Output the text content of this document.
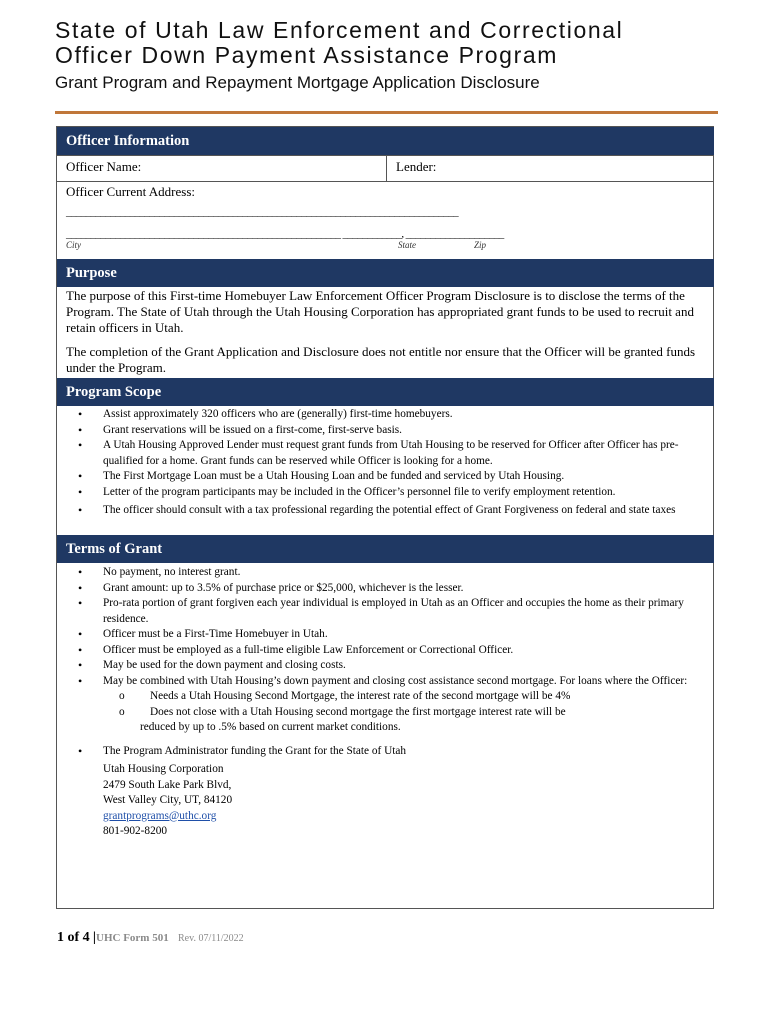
State of Utah Law Enforcement and Correctional
Officer Down Payment Assistance Program
Grant Program and Repayment Mortgage Application Disclosure
Officer Information
Officer Name:	Lender:
Officer Current Address:
________________________________________________________________________________
________________________________________________________ ____________, ____________________
City	State	Zip
Purpose
The purpose of this First-time Homebuyer Law Enforcement Officer Program Disclosure is to disclose the terms of the Program. The State of Utah through the Utah Housing Corporation has appropriated grant funds to be used to recruit and retain officers in Utah.
The completion of the Grant Application and Disclosure does not entitle nor ensure that the Officer will be granted funds under the Program.
Program Scope
• Assist approximately 320 officers who are (generally) first-time homebuyers.
• Grant reservations will be issued on a first-come, first-serve basis.
• A Utah Housing Approved Lender must request grant funds from Utah Housing to be reserved for Officer after Officer has pre-qualified for a home. Grant funds can be reserved while Officer is looking for a home.
• The First Mortgage Loan must be a Utah Housing Loan and be funded and serviced by Utah Housing.
• Letter of the program participants may be included in the Officer’s personnel file to verify employment retention.
• The officer should consult with a tax professional regarding the potential effect of Grant Forgiveness on federal and state taxes
Terms of Grant
• No payment, no interest grant.
• Grant amount: up to 3.5% of purchase price or $25,000, whichever is the lesser.
• Pro-rata portion of grant forgiven each year individual is employed in Utah as an Officer and occupies the home as their primary residence.
• Officer must be a First-Time Homebuyer in Utah.
• Officer must be employed as a full-time eligible Law Enforcement or Correctional Officer.
• May be used for the down payment and closing costs.
• May be combined with Utah Housing’s down payment and closing cost assistance second mortgage. For loans where the Officer:
o Needs a Utah Housing Second Mortgage, the interest rate of the second mortgage will be 4%
o Does not close with a Utah Housing second mortgage the first mortgage interest rate will be
reduced by up to .5% based on current market conditions.
• The Program Administrator funding the Grant for the State of Utah
Utah Housing Corporation
2479 South Lake Park Blvd,
West Valley City, UT, 84120
grantprograms@uthc.org
801-902-8200
1 of 4 |UHC Form 501 Rev. 07/11/2022
